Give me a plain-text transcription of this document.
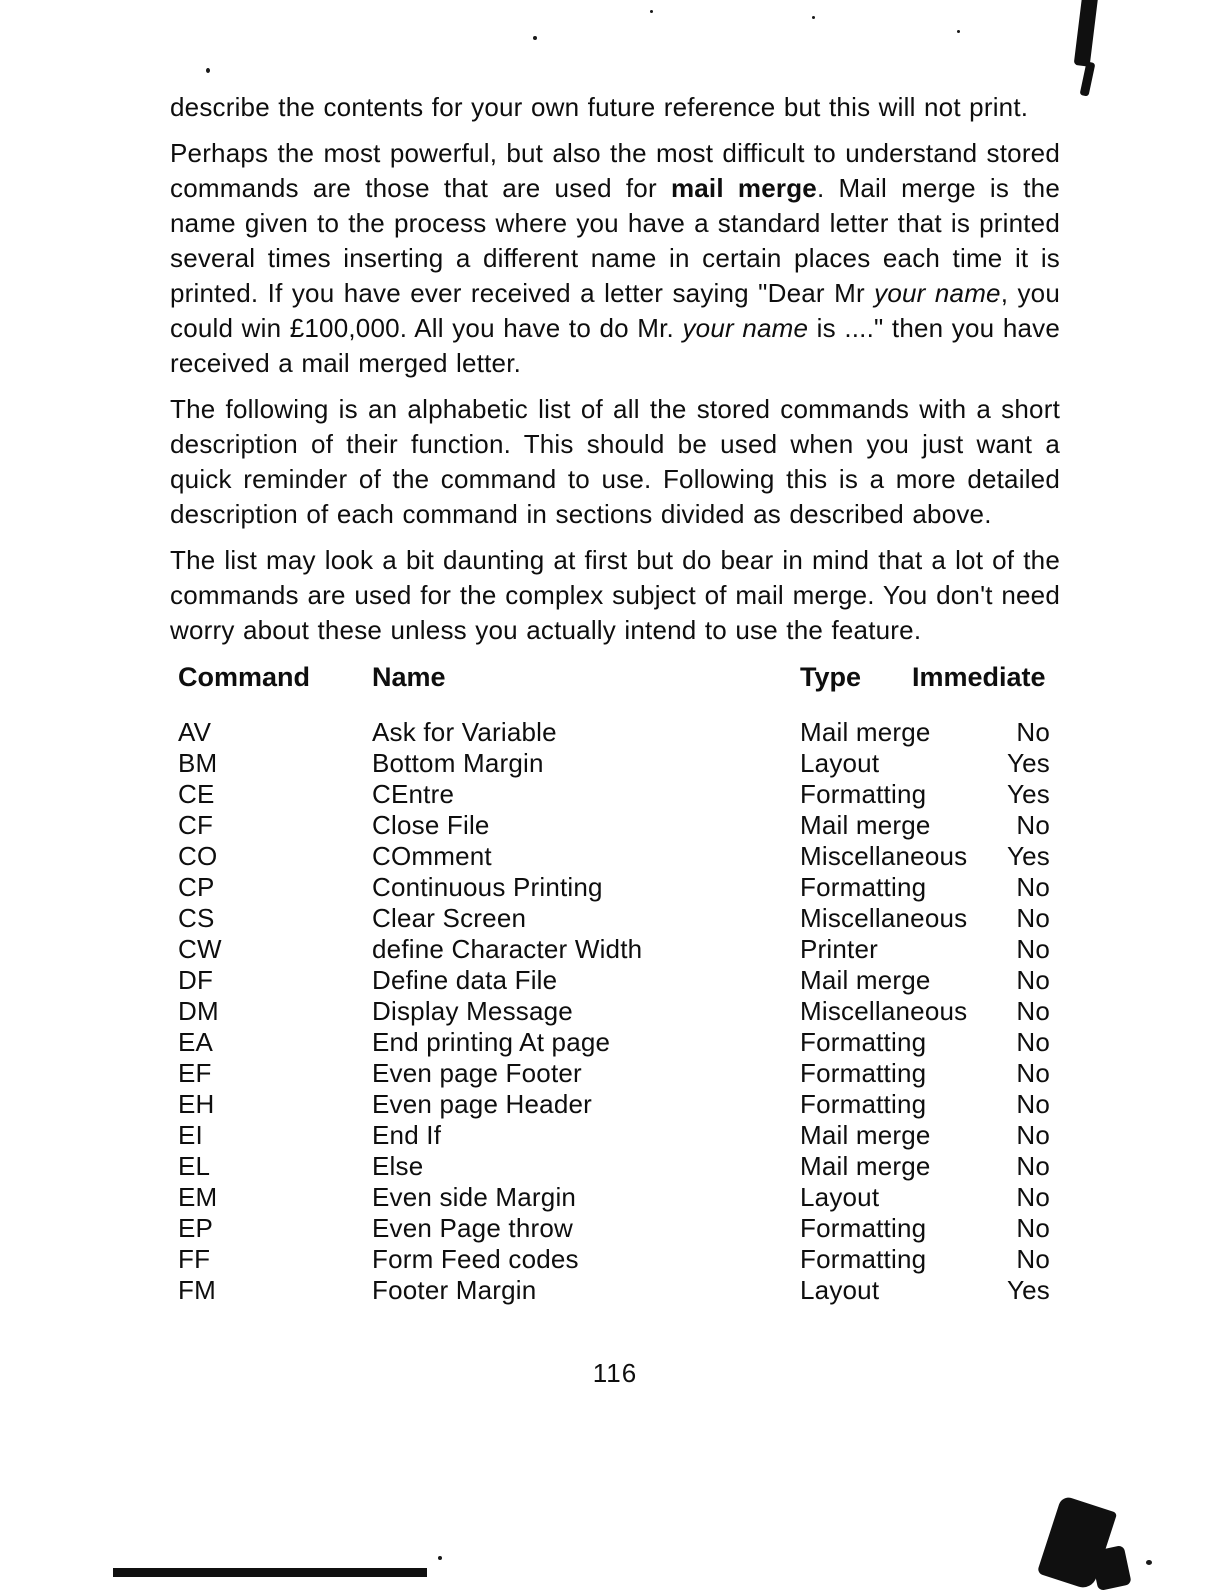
describe the contents for your own future reference but this will not print.

Perhaps the most powerful, but also the most difficult to understand stored commands are those that are used for mail merge. Mail merge is the name given to the process where you have a standard letter that is printed several times inserting a different name in certain places each time it is printed. If you have ever received a letter saying "Dear Mr your name, you could win £100,000. All you have to do Mr. your name is ...." then you have received a mail merged letter.

The following is an alphabetic list of all the stored commands with a short description of their function. This should be used when you just want a quick reminder of the command to use. Following this is a more detailed description of each command in sections divided as described above.

The list may look a bit daunting at first but do bear in mind that a lot of the commands are used for the complex subject of mail merge. You don't need worry about these unless you actually intend to use the feature.

Command	Name	Type	Immediate
AV	Ask for Variable	Mail merge	No
BM	Bottom Margin	Layout	Yes
CE	CEntre	Formatting	Yes
CF	Close File	Mail merge	No
CO	COmment	Miscellaneous	Yes
CP	Continuous Printing	Formatting	No
CS	Clear Screen	Miscellaneous	No
CW	define Character Width	Printer	No
DF	Define data File	Mail merge	No
DM	Display Message	Miscellaneous	No
EA	End printing At page	Formatting	No
EF	Even page Footer	Formatting	No
EH	Even page Header	Formatting	No
EI	End If	Mail merge	No
EL	Else	Mail merge	No
EM	Even side Margin	Layout	No
EP	Even Page throw	Formatting	No
FF	Form Feed codes	Formatting	No
FM	Footer Margin	Layout	Yes
116
